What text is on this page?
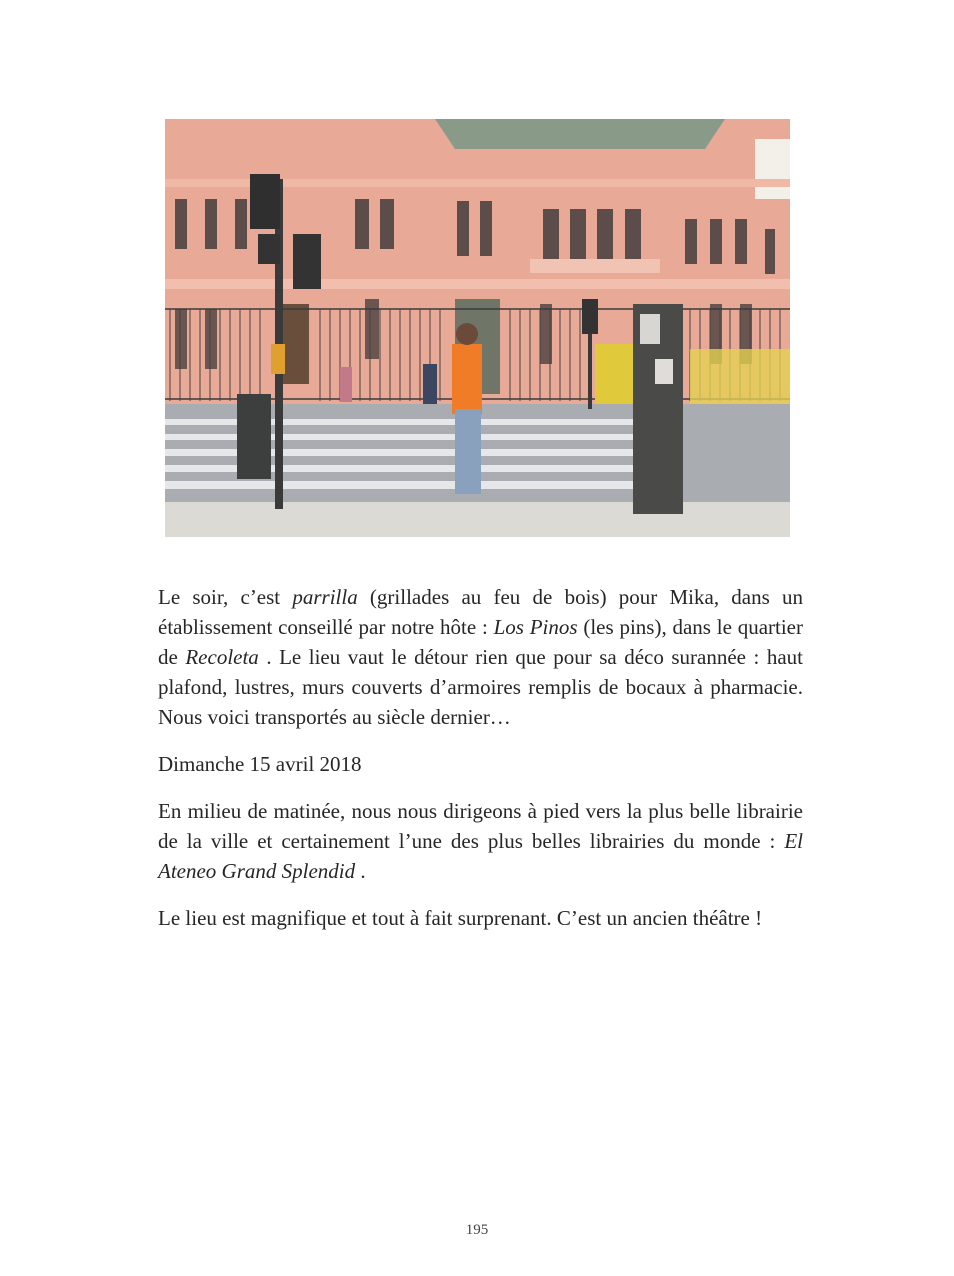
Le soir, c’est parrilla (grillades au feu de bois) pour Mika, dans un établissement conseillé par notre hôte : Los Pinos (les pins), dans le quartier de Recoleta . Le lieu vaut le détour rien que pour sa déco surannée : haut plafond, lustres, murs couverts d’armoires remplis de bocaux à pharmacie. Nous voici transportés au siècle dernier…

Dimanche 15 avril 2018

En milieu de matinée, nous nous dirigeons à pied vers la plus belle librairie de la ville et certainement l’une des plus belles librairies du monde : El Ateneo Grand Splendid .

Le lieu est magnifique et tout à fait surprenant. C’est un ancien théâtre !

195
